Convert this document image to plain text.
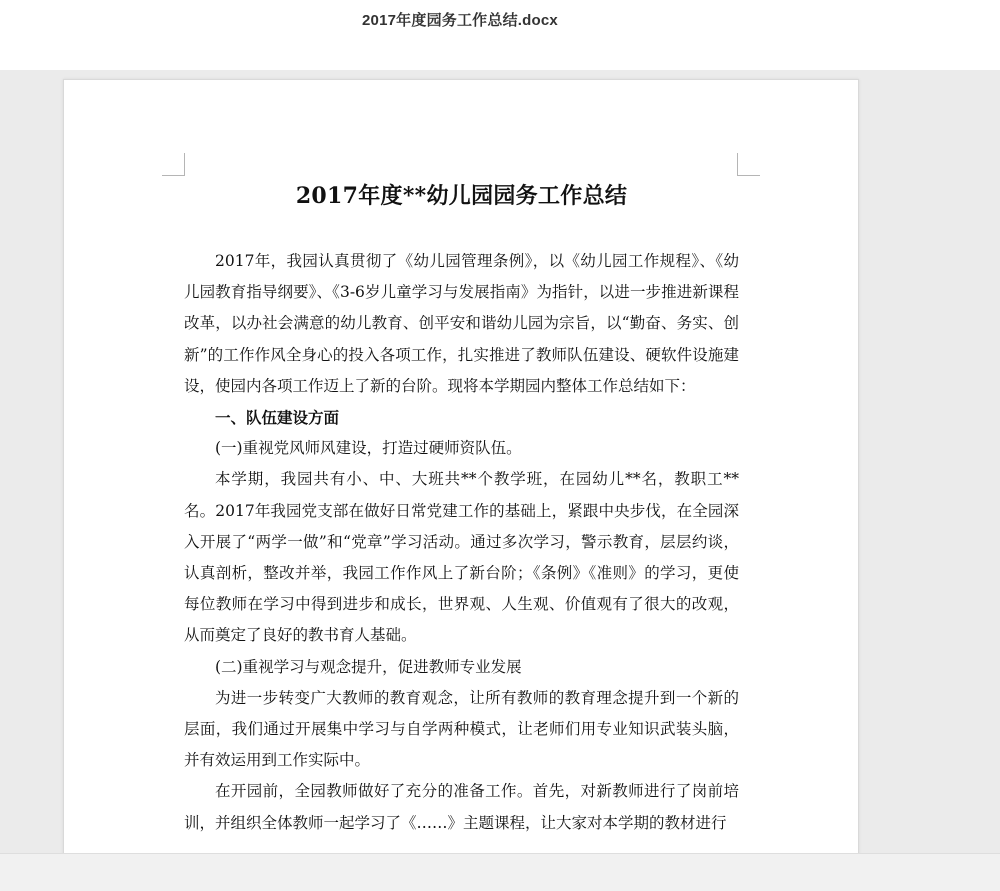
2017年度园务工作总结.docx
2017年度**幼儿园园务工作总结

2017年，我园认真贯彻了《幼儿园管理条例》，以《幼儿园工作规程》、《幼儿园教育指导纲要》、《3-6岁儿童学习与发展指南》为指针，以进一步推进新课程改革，以办社会满意的幼儿教育、创平安和谐幼儿园为宗旨，以“勤奋、务实、创新”的工作作风全身心的投入各项工作，扎实推进了教师队伍建设、硬软件设施建设，使园内各项工作迈上了新的台阶。现将本学期园内整体工作总结如下：

一、队伍建设方面

(一)重视党风师风建设，打造过硬师资队伍。

本学期，我园共有小、中、大班共**个教学班，在园幼儿**名，教职工**名。2017年我园党支部在做好日常党建工作的基础上，紧跟中央步伐，在全园深入开展了“两学一做”和“党章”学习活动。通过多次学习，警示教育，层层约谈，认真剖析，整改并举，我园工作作风上了新台阶；《条例》《准则》的学习，更使每位教师在学习中得到进步和成长，世界观、人生观、价值观有了很大的改观，从而奠定了良好的教书育人基础。

(二)重视学习与观念提升，促进教师专业发展

为进一步转变广大教师的教育观念，让所有教师的教育理念提升到一个新的层面，我们通过开展集中学习与自学两种模式，让老师们用专业知识武装头脑，并有效运用到工作实际中。

在开园前，全园教师做好了充分的准备工作。首先，对新教师进行了岗前培训，并组织全体教师一起学习了《……》主题课程，让大家对本学期的教材进行
